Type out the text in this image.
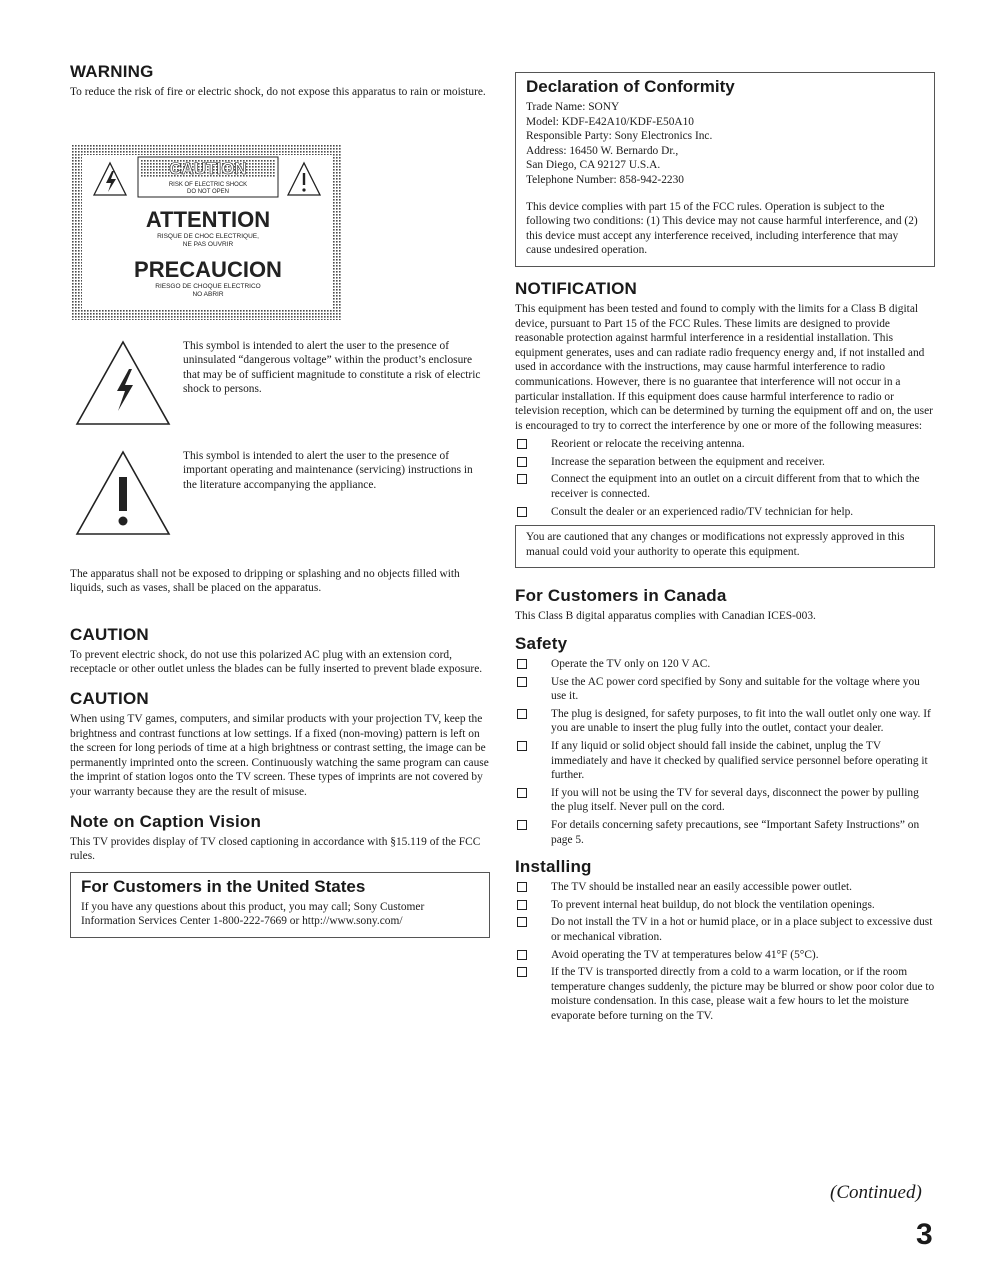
WARNING

To reduce the risk of fire or electric shock, do not expose this apparatus to rain or moisture.

CAUTION
RISK OF ELECTRIC SHOCK
DO NOT OPEN
ATTENTION
RISQUE DE CHOC ELECTRIQUE,
NE PAS OUVRIR
PRECAUCION
RIESGO DE CHOQUE ELECTRICO
NO ABRIR

This symbol is intended to alert the user to the presence of uninsulated “dangerous voltage” within the product’s enclosure that may be of sufficient magnitude to constitute a risk of electric shock to persons.

This symbol is intended to alert the user to the presence of important operating and maintenance (servicing) instructions in the literature accompanying the appliance.

The apparatus shall not be exposed to dripping or splashing and no objects filled with liquids, such as vases, shall be placed on the apparatus.

CAUTION

To prevent electric shock, do not use this polarized AC plug with an extension cord, receptacle or other outlet unless the blades can be fully inserted to prevent blade exposure.

CAUTION

When using TV games, computers, and similar products with your projection TV, keep the brightness and contrast functions at low settings. If a fixed (non-moving) pattern is left on the screen for long periods of time at a high brightness or contrast setting, the image can be permanently imprinted onto the screen. Continuously watching the same program can cause the imprint of station logos onto the TV screen. These types of imprints are not covered by your warranty because they are the result of misuse.

Note on Caption Vision

This TV provides display of TV closed captioning in accordance with §15.119 of the FCC rules.

For Customers in the United States

If you have any questions about this product, you may call; Sony Customer Information Services Center 1-800-222-7669 or http://www.sony.com/

Declaration of Conformity

Trade Name: SONY

Model: KDF-E42A10/KDF-E50A10

Responsible Party: Sony Electronics Inc.

Address: 16450 W. Bernardo Dr.,

San Diego, CA 92127 U.S.A.

Telephone Number: 858-942-2230

This device complies with part 15 of the FCC rules. Operation is subject to the following two conditions: (1) This device may not cause harmful interference, and (2) this device must accept any interference received, including interference that may cause undesired operation.

NOTIFICATION

This equipment has been tested and found to comply with the limits for a Class B digital device, pursuant to Part 15 of the FCC Rules. These limits are designed to provide reasonable protection against harmful interference in a residential installation. This equipment generates, uses and can radiate radio frequency energy and, if not installed and used in accordance with the instructions, may cause harmful interference to radio communications. However, there is no guarantee that interference will not occur in a particular installation. If this equipment does cause harmful interference to radio or television reception, which can be determined by turning the equipment off and on, the user is encouraged to try to correct the interference by one or more of the following measures:

Reorient or relocate the receiving antenna.
Increase the separation between the equipment and receiver.
Connect the equipment into an outlet on a circuit different from that to which the receiver is connected.
Consult the dealer or an experienced radio/TV technician for help.

You are cautioned that any changes or modifications not expressly approved in this manual could void your authority to operate this equipment.

For Customers in Canada

This Class B digital apparatus complies with Canadian ICES-003.

Safety
Operate the TV only on 120 V AC.
Use the AC power cord specified by Sony and suitable for the voltage where you use it.
The plug is designed, for safety purposes, to fit into the wall outlet only one way. If you are unable to insert the plug fully into the outlet, contact your dealer.
If any liquid or solid object should fall inside the cabinet, unplug the TV immediately and have it checked by qualified service personnel before operating it further.
If you will not be using the TV for several days, disconnect the power by pulling the plug itself. Never pull on the cord.
For details concerning safety precautions, see “Important Safety Instructions” on page 5.
Installing
The TV should be installed near an easily accessible power outlet.
To prevent internal heat buildup, do not block the ventilation openings.
Do not install the TV in a hot or humid place, or in a place subject to excessive dust or mechanical vibration.
Avoid operating the TV at temperatures below 41°F (5°C).
If the TV is transported directly from a cold to a warm location, or if the room temperature changes suddenly, the picture may be blurred or show poor color due to moisture condensation. In this case, please wait a few hours to let the moisture evaporate before turning on the TV.
(Continued)
3
